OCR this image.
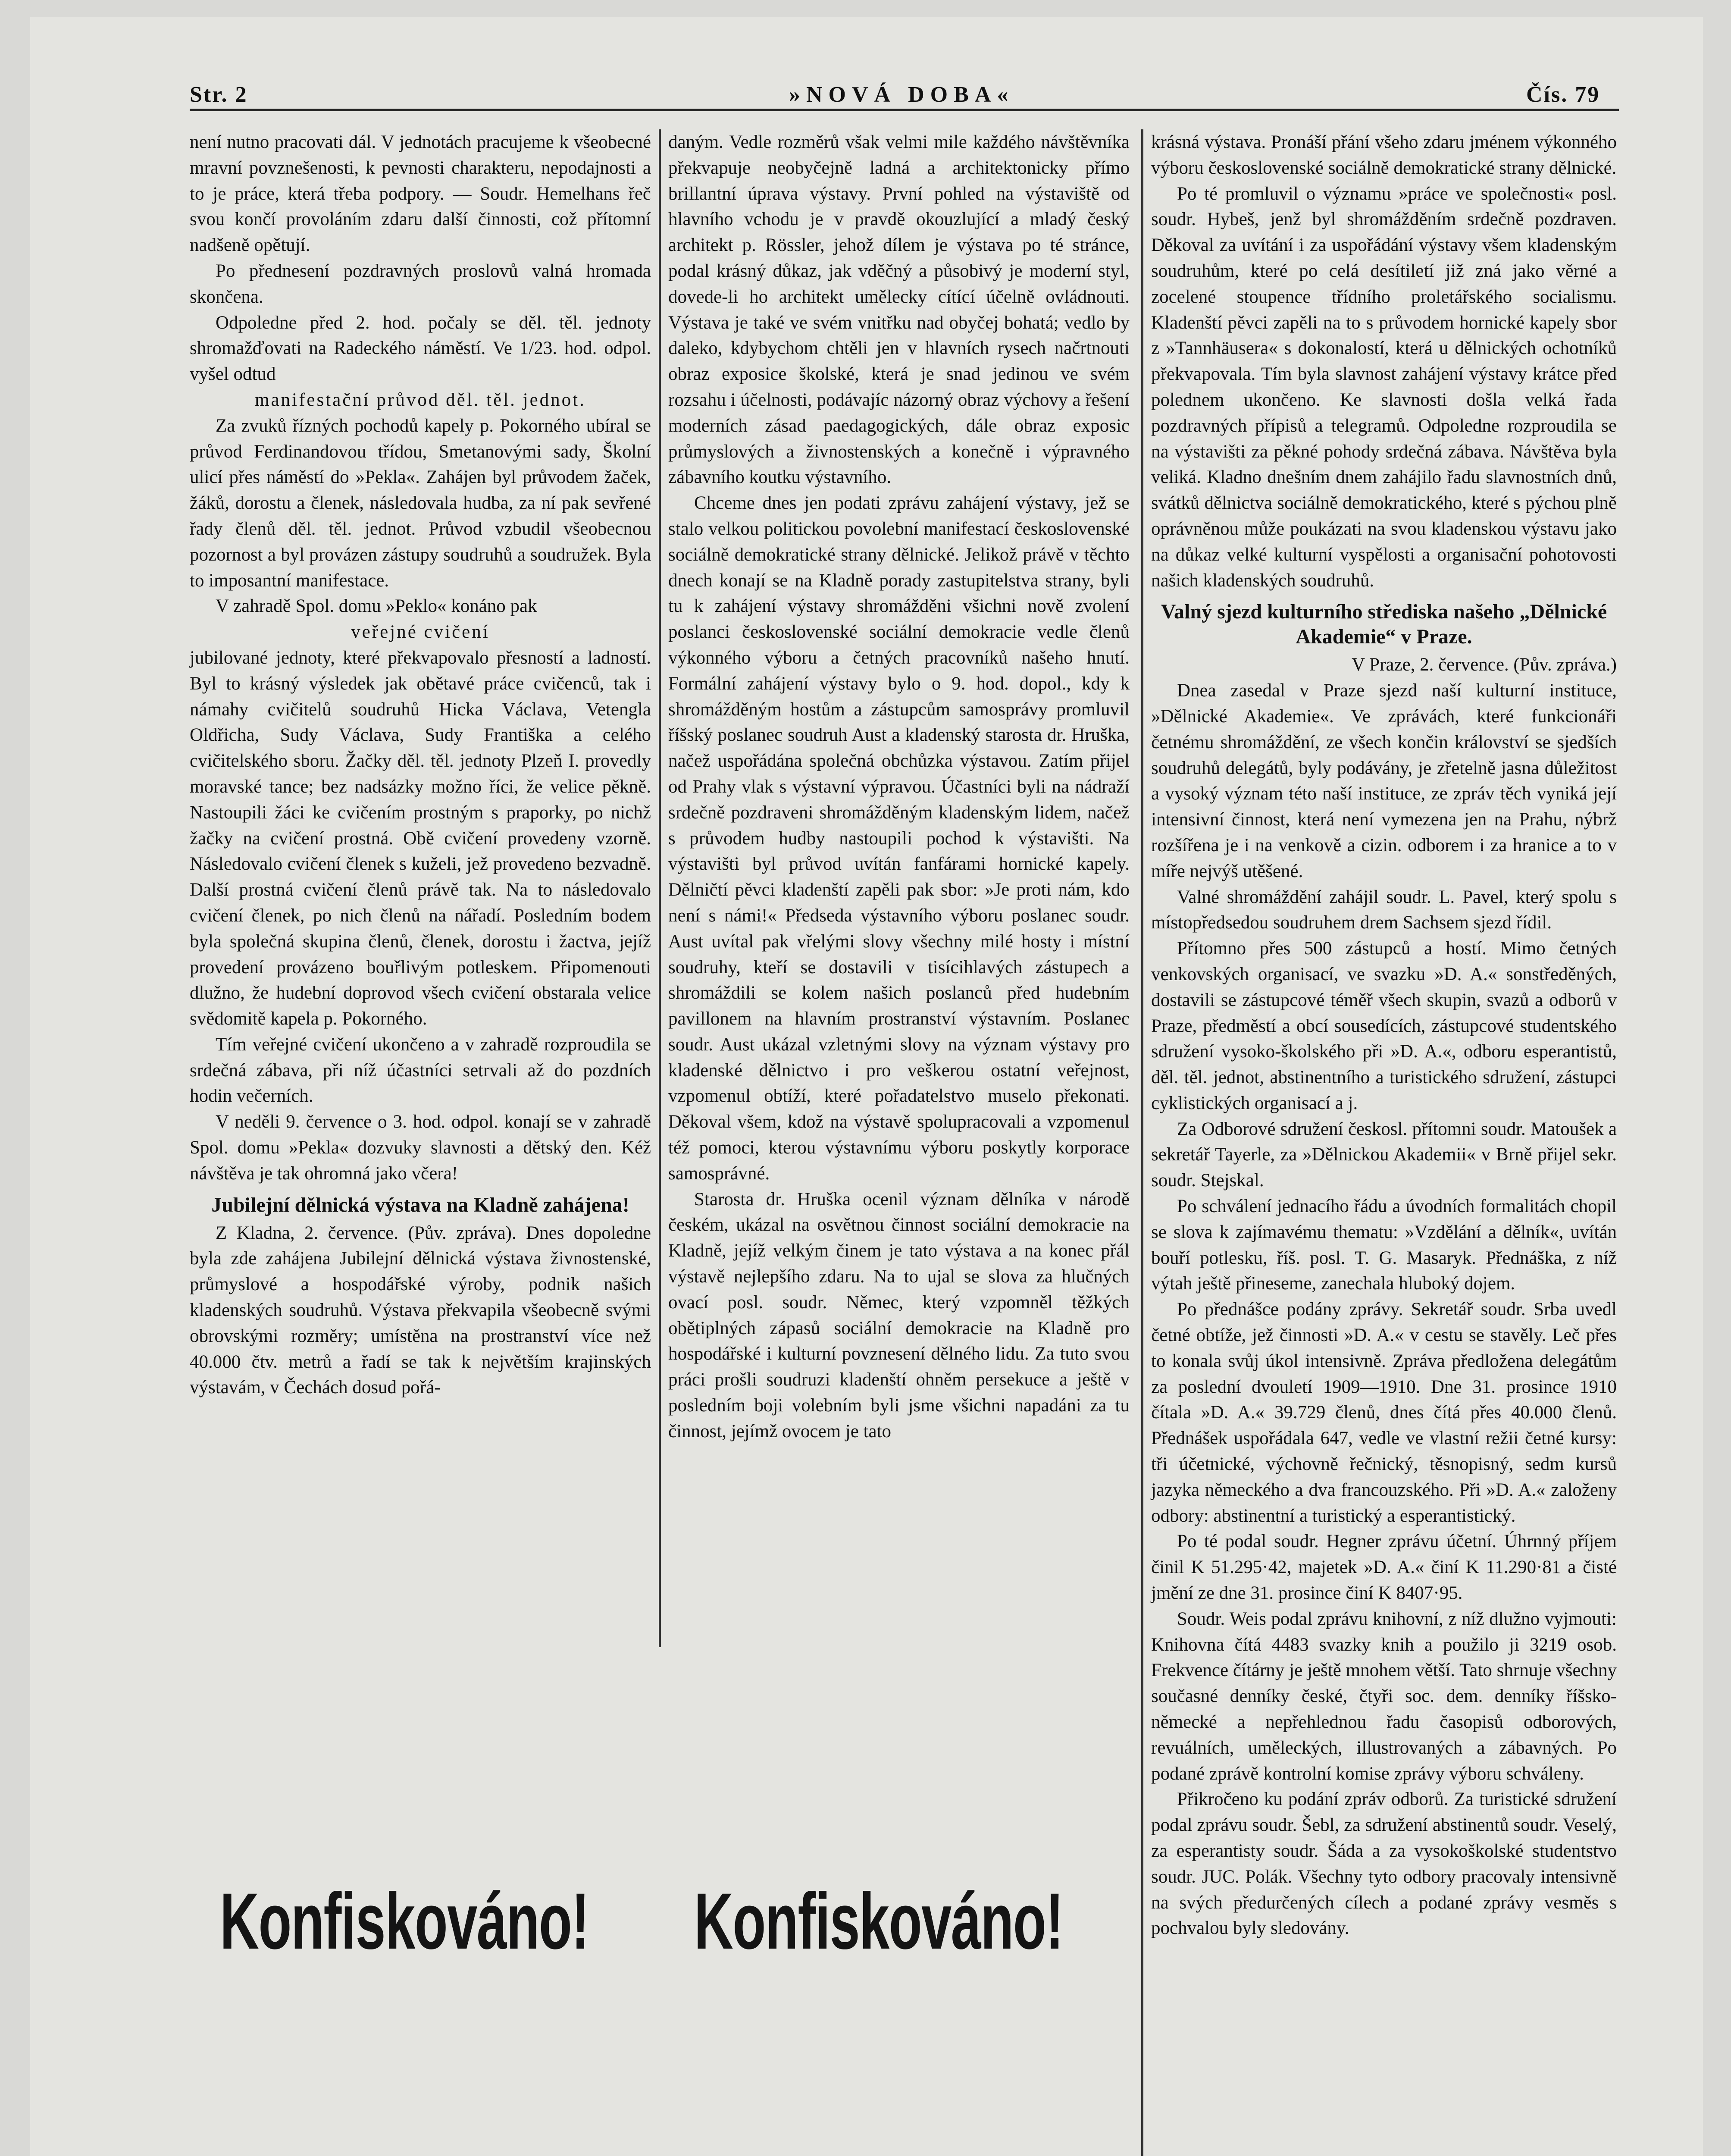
Str. 2	»NOVÁ DOBA«	Čís. 79

není nutno pracovati dál. V jednotách pracujeme k všeobecné mravní povznešenosti, k pevnosti charakteru, nepodajnosti a to je práce, která třeba podpory. — Soudr. Hemelhans řeč svou končí provoláním zdaru další činnosti, což přítomní nadšeně opětují.

Po přednesení pozdravných proslovů valná hromada skončena.

Odpoledne před 2. hod. počaly se děl. těl. jednoty shromažďovati na Radeckého náměstí. Ve 1/23. hod. odpol. vyšel odtud

manifestační průvod děl. těl. jednot.

Za zvuků řízných pochodů kapely p. Pokorného ubíral se průvod Ferdinandovou třídou, Smetanovými sady, Školní ulicí přes náměstí do »Pekla«. Zahájen byl průvodem žaček, žáků, dorostu a členek, následovala hudba, za ní pak sevřené řady členů děl. těl. jednot. Průvod vzbudil všeobecnou pozornost a byl provázen zástupy soudruhů a soudružek. Byla to imposantní manifestace.

V zahradě Spol. domu »Peklo« konáno pak

veřejné cvičení

jubilované jednoty, které překvapovalo přesností a ladností. Byl to krásný výsledek jak obětavé práce cvičenců, tak i námahy cvičitelů soudruhů Hicka Václava, Vetengla Oldřicha, Sudy Václava, Sudy Františka a celého cvičitelského sboru. Žačky děl. těl. jednoty Plzeň I. provedly moravské tance; bez nadsázky možno říci, že velice pěkně. Nastoupili žáci ke cvičením prostným s praporky, po nichž žačky na cvičení prostná. Obě cvičení provedeny vzorně. Následovalo cvičení členek s kuželi, jež provedeno bezvadně. Další prostná cvičení členů právě tak. Na to následovalo cvičení členek, po nich členů na nářadí. Posledním bodem byla společná skupina členů, členek, dorostu i žactva, jejíž provedení provázeno bouřlivým potleskem. Připomenouti dlužno, že hudební doprovod všech cvičení obstarala velice svědomitě kapela p. Pokorného.

Tím veřejné cvičení ukončeno a v zahradě rozproudila se srdečná zábava, při níž účastníci setrvali až do pozdních hodin večerních.

V neděli 9. července o 3. hod. odpol. konají se v zahradě Spol. domu »Pekla« dozvuky slavnosti a dětský den. Kéž návštěva je tak ohromná jako včera!

Jubilejní dělnická výstava na Kladně zahájena!

Z Kladna, 2. července. (Pův. zpráva). Dnes dopoledne byla zde zahájena Jubilejní dělnická výstava živnostenské, průmyslové a hospodářské výroby, podnik našich kladenských soudruhů. Výstava překvapila všeobecně svými obrovskými rozměry; umístěna na prostranství více než 40.000 čtv. metrů a řadí se tak k největším krajinských výstavám, v Čechách dosud pořá-

daným. Vedle rozměrů však velmi mile každého návštěvníka překvapuje neobyčejně ladná a architektonicky přímo brillantní úprava výstavy. První pohled na výstaviště od hlavního vchodu je v pravdě okouzlující a mladý český architekt p. Rössler, jehož dílem je výstava po té stránce, podal krásný důkaz, jak vděčný a působivý je moderní styl, dovede-li ho architekt umělecky cítící účelně ovládnouti. Výstava je také ve svém vnitřku nad obyčej bohatá; vedlo by daleko, kdybychom chtěli jen v hlavních rysech načrtnouti obraz exposice školské, která je snad jedinou ve svém rozsahu i účelnosti, podávajíc názorný obraz výchovy a řešení moderních zásad paedagogických, dále obraz exposic průmyslových a živnostenských a konečně i výpravného zábavního koutku výstavního.

Chceme dnes jen podati zprávu zahájení výstavy, jež se stalo velkou politickou povolební manifestací československé sociálně demokratické strany dělnické. Jelikož právě v těchto dnech konají se na Kladně porady zastupitelstva strany, byli tu k zahájení výstavy shromážděni všichni nově zvolení poslanci československé sociální demokracie vedle členů výkonného výboru a četných pracovníků našeho hnutí. Formální zahájení výstavy bylo o 9. hod. dopol., kdy k shromážděným hostům a zástupcům samosprávy promluvil říšský poslanec soudruh Aust a kladenský starosta dr. Hruška, načež uspořádána společná obchůzka výstavou. Zatím přijel od Prahy vlak s výstavní výpravou. Účastníci byli na nádraží srdečně pozdraveni shromážděným kladenským lidem, načež s průvodem hudby nastoupili pochod k výstavišti. Na výstavišti byl průvod uvítán fanfárami hornické kapely. Dělničtí pěvci kladenští zapěli pak sbor: »Je proti nám, kdo není s námi!« Předseda výstavního výboru poslanec soudr. Aust uvítal pak vřelými slovy všechny milé hosty i místní soudruhy, kteří se dostavili v tisícihlavých zástupech a shromáždili se kolem našich poslanců před hudebním pavillonem na hlavním prostranství výstavním. Poslanec soudr. Aust ukázal vzletnými slovy na význam výstavy pro kladenské dělnictvo i pro veškerou ostatní veřejnost, vzpomenul obtíží, které pořadatelstvo muselo překonati. Děkoval všem, kdož na výstavě spolupracovali a vzpomenul též pomoci, kterou výstavnímu výboru poskytly korporace samosprávné.

Starosta dr. Hruška ocenil význam dělníka v národě českém, ukázal na osvětnou činnost sociální demokracie na Kladně, jejíž velkým činem je tato výstava a na konec přál výstavě nejlepšího zdaru. Na to ujal se slova za hlučných ovací posl. soudr. Němec, který vzpomněl těžkých obětiplných zápasů sociální demokracie na Kladně pro hospodářské i kulturní povznesení dělného lidu. Za tuto svou práci prošli soudruzi kladenští ohněm persekuce a ještě v posledním boji volebním byli jsme všichni napadáni za tu činnost, jejímž ovocem je tato

krásná výstava. Pronáší přání všeho zdaru jménem výkonného výboru československé sociálně demokratické strany dělnické.

Po té promluvil o významu »práce ve společnosti« posl. soudr. Hybeš, jenž byl shromážděním srdečně pozdraven. Děkoval za uvítání i za uspořádání výstavy všem kladenským soudruhům, které po celá desítiletí již zná jako věrné a zocelené stoupence třídního proletářského socialismu. Kladenští pěvci zapěli na to s průvodem hornické kapely sbor z »Tannhäusera« s dokonalostí, která u dělnických ochotníků překvapovala. Tím byla slavnost zahájení výstavy krátce před polednem ukončeno. Ke slavnosti došla velká řada pozdravných přípisů a telegramů. Odpoledne rozproudila se na výstavišti za pěkné pohody srdečná zábava. Návštěva byla veliká. Kladno dnešním dnem zahájilo řadu slavnostních dnů, svátků dělnictva sociálně demokratického, které s pýchou plně oprávněnou může poukázati na svou kladenskou výstavu jako na důkaz velké kulturní vyspělosti a organisační pohotovosti našich kladenských soudruhů.

Valný sjezd kulturního střediska našeho „Dělnické Akademie“ v Praze.

V Praze, 2. července. (Pův. zpráva.)

Dnea zasedal v Praze sjezd naší kulturní instituce, »Dělnické Akademie«. Ve zprávách, které funkcionáři četnému shromáždění, ze všech končin království se sjedších soudruhů delegátů, byly podávány, je zřetelně jasna důležitost a vysoký význam této naší instituce, ze zpráv těch vyniká její intensivní činnost, která není vymezena jen na Prahu, nýbrž rozšířena je i na venkově a cizin. odborem i za hranice a to v míře nejvýš utěšené.

Valné shromáždění zahájil soudr. L. Pavel, který spolu s místopředsedou soudruhem drem Sachsem sjezd řídil.

Přítomno přes 500 zástupců a hostí. Mimo četných venkovských organisací, ve svazku »D. A.« sonstředěných, dostavili se zástupcové téměř všech skupin, svazů a odborů v Praze, předměstí a obcí sousedících, zástupcové studentského sdružení vysoko-školského při »D. A.«, odboru esperantistů, děl. těl. jednot, abstinentního a turistického sdružení, zástupci cyklistických organisací a j.

Za Odborové sdružení českosl. přítomni soudr. Matoušek a sekretář Tayerle, za »Dělnickou Akademii« v Brně přijel sekr. soudr. Stejskal.

Po schválení jednacího řádu a úvodních formalitách chopil se slova k zajímavému thematu: »Vzdělání a dělník«, uvítán bouří potlesku, říš. posl. T. G. Masaryk. Přednáška, z níž výtah ještě přineseme, zanechala hluboký dojem.

Po přednášce podány zprávy. Sekretář soudr. Srba uvedl četné obtíže, jež činnosti »D. A.« v cestu se stavěly. Leč přes to konala svůj úkol intensivně. Zpráva předložena delegátům za poslední dvouletí 1909—1910. Dne 31. prosince 1910 čítala »D. A.« 39.729 členů, dnes čítá přes 40.000 členů. Přednášek uspořádala 647, vedle ve vlastní režii četné kursy: tři účetnické, výchovně řečnický, těsnopisný, sedm kursů jazyka německého a dva francouzského. Při »D. A.« založeny odbory: abstinentní a turistický a esperantistický.

Po té podal soudr. Hegner zprávu účetní. Úhrnný příjem činil K 51.295·42, majetek »D. A.« činí K 11.290·81 a čisté jmění ze dne 31. prosince činí K 8407·95.

Soudr. Weis podal zprávu knihovní, z níž dlužno vyjmouti: Knihovna čítá 4483 svazky knih a použilo ji 3219 osob. Frekvence čítárny je ještě mnohem větší. Tato shrnuje všechny současné denníky české, čtyři soc. dem. denníky říšsko-německé a nepřehlednou řadu časopisů odborových, revuálních, uměleckých, illustrovaných a zábavných. Po podané zprávě kontrolní komise zprávy výboru schváleny.

Přikročeno ku podání zpráv odborů. Za turistické sdružení podal zprávu soudr. Šebl, za sdružení abstinentů soudr. Veselý, za esperantisty soudr. Šáda a za vysokoškolské studentstvo soudr. JUC. Polák. Všechny tyto odbory pracovaly intensivně na svých předurčených cílech a podané zprávy vesměs s pochvalou byly sledovány.

Konfiskováno! Konfiskováno!
